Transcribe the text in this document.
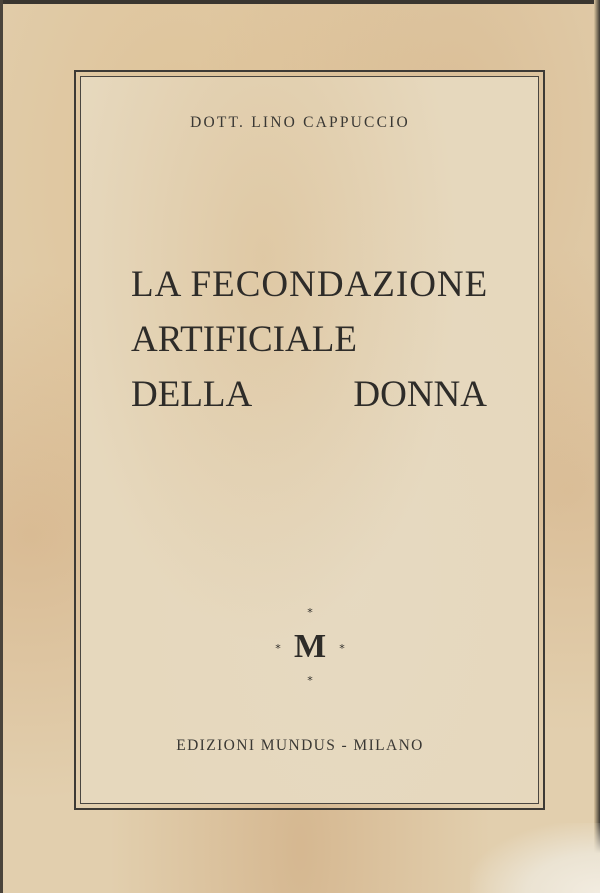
DOTT. LINO CAPPUCCIO
LA FECONDAZIONE
ARTIFICIALE
DELLA DONNA
*
* M	*
*
EDIZIONI MUNDUS - MILANO
